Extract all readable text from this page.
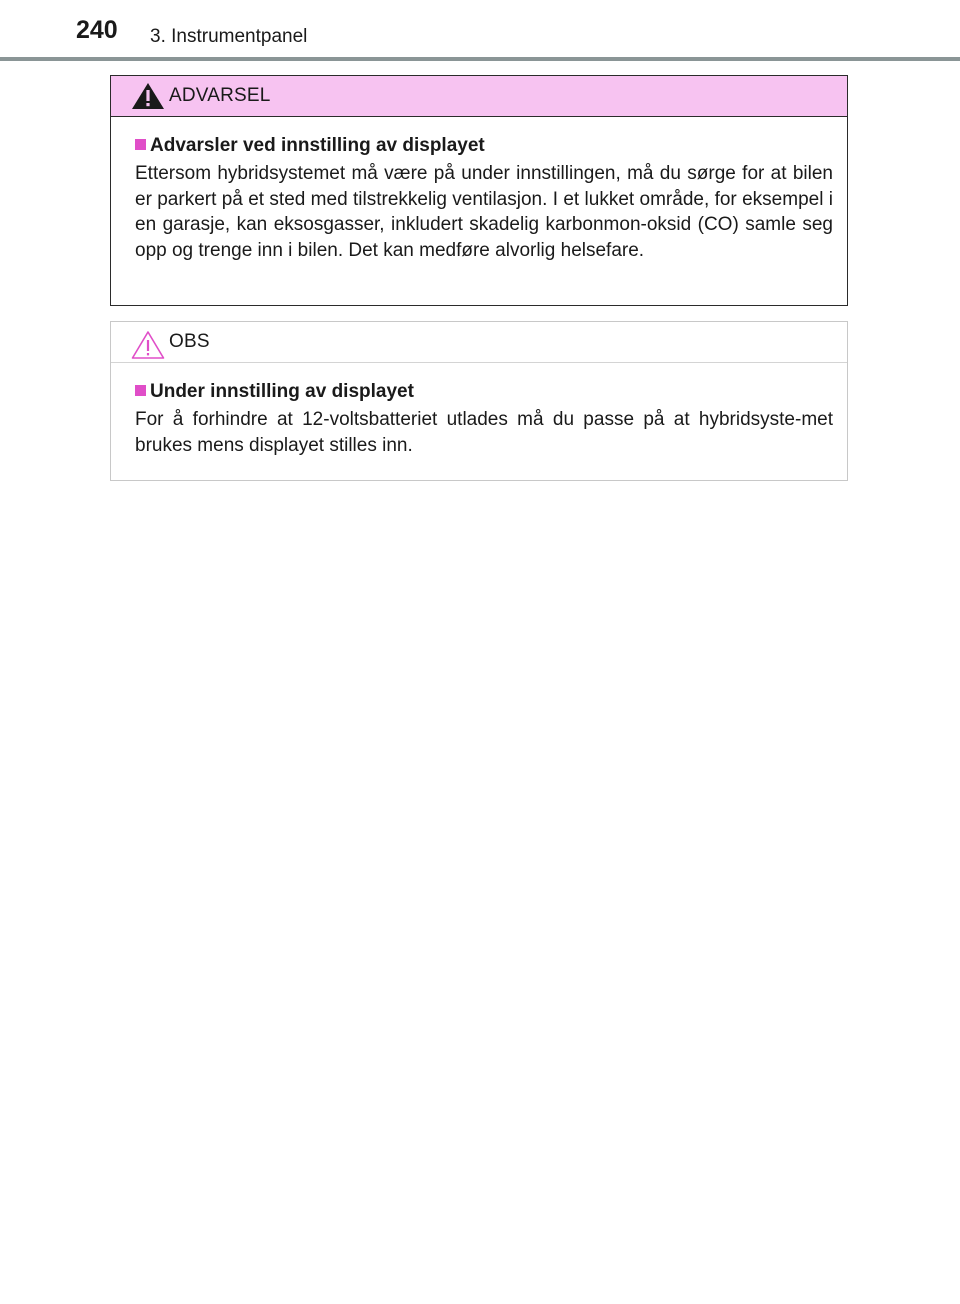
240 3. Instrumentpanel
ADVARSEL
Advarsler ved innstilling av displayet

Ettersom hybridsystemet må være på under innstillingen, må du sørge for at bilen er parkert på et sted med tilstrekkelig ventilasjon. I et lukket område, for eksempel i en garasje, kan eksosgasser, inkludert skadelig karbonmon-oksid (CO) samle seg opp og trenge inn i bilen. Det kan medføre alvorlig helsefare.

OBS
Under innstilling av displayet

For å forhindre at 12-voltsbatteriet utlades må du passe på at hybridsyste-met brukes mens displayet stilles inn.
